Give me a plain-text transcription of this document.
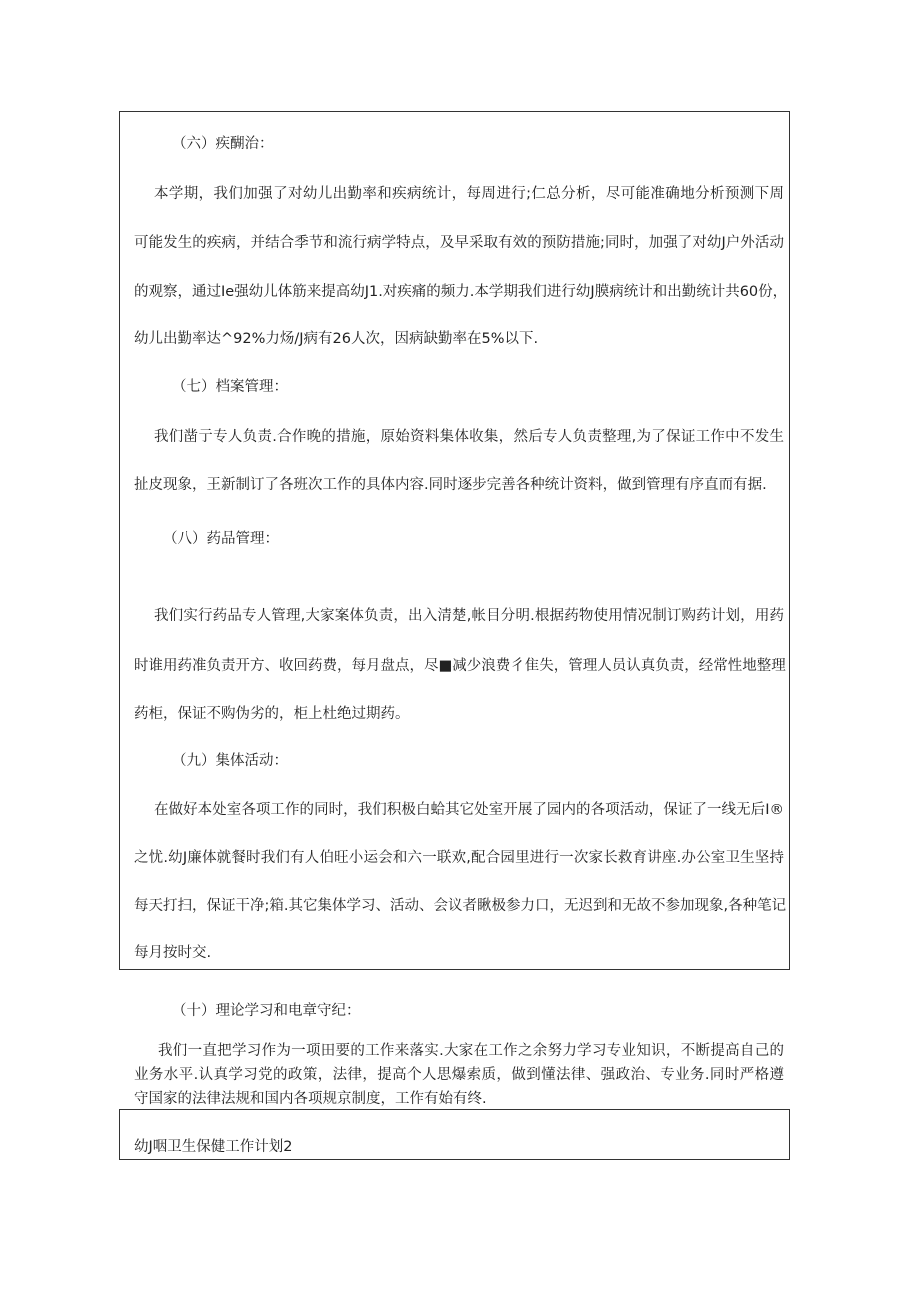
（六）疾醐治：

本学期，我们加强了对幼儿出勤率和疾病统计，每周进行;仁总分析，尽可能准确地分析预测下周

可能发生的疾病，并结合季节和流行病学特点，及早采取有效的预防措施;同时，加强了对幼J户外活动

的观察，通过Ie强幼儿体筋来提高幼J1.对疾痛的频力.本学期我们进行幼J膜病统计和出勤统计共60份，

幼儿出勤率达^92%力炀/J病有26人次，因病缺勤率在5%以下.

（七）档案管理：

我们凿亍专人负责.合作晚的措施，原始资料集体收集，然后专人负责整理,为了保证工作中不发生

扯皮现象，王新制订了各班次工作的具体内容.同时逐步完善各种统计资料，做到管理有序直而有据.

（八）药品管理：

我们实行药品专人管理,大家案体负责，出入清楚,帐目分明.根据药物使用情况制订购药计划，用药

时谁用药准负责开方、收回药费，每月盘点，尽■减少浪费彳隹失，管理人员认真负责，经常性地整理

药柜，保证不购伪劣的，柜上杜绝过期药。

（九）集体活动：

在做好本处室各项工作的同时，我们积极白蛤其它处室开展了园内的各项活动，保证了一线无后I®

之忧.幼J廉体就餐时我们有人伯旺小运会和六一联欢,配合园里进行一次家长救育讲座.办公室卫生坚持

每天打扫，保证干净;箱.其它集体学习、活动、会议者瞅极参力口，无迟到和无故不参加现象,各种笔记

每月按时交.

（十）理论学习和电章守纪：

我们一直把学习作为一项田要的工作来落实.大家在工作之余努力学习专业知识，不断提高自己的

业务水平.认真学习党的政策，法律，提高个人思爆索质，做到懂法律、强政治、专业务.同时严格遵

守国家的法律法规和国内各项规京制度，工作有始有终.

幼J咽卫生保健工作计划2
